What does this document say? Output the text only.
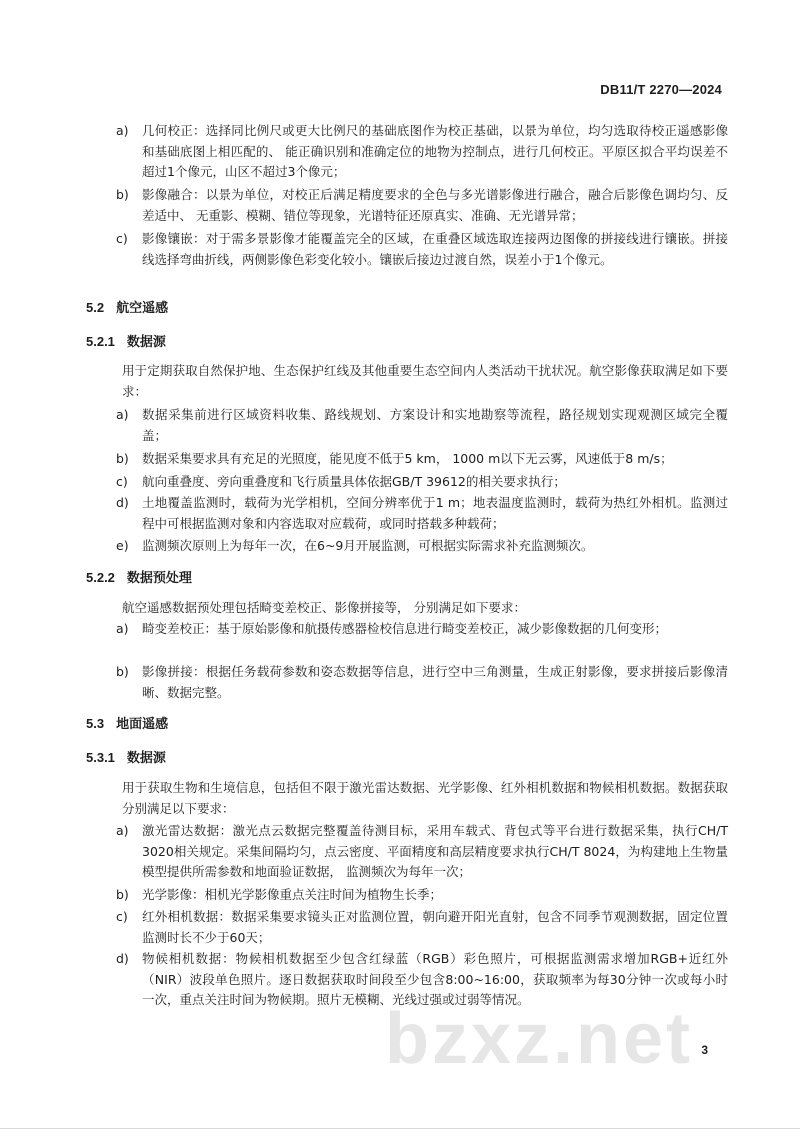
DB11/T 2270—2024
a) 几何校正：选择同比例尺或更大比例尺的基础底图作为校正基础，以景为单位，均匀选取待校正遥感影像和基础底图上相匹配的、 能正确识别和准确定位的地物为控制点，进行几何校正。平原区拟合平均误差不超过1个像元，山区不超过3个像元；
b) 影像融合：以景为单位，对校正后满足精度要求的全色与多光谱影像进行融合，融合后影像色调均匀、反差适中、 无重影、模糊、错位等现象，光谱特征还原真实、准确、无光谱异常；
c) 影像镶嵌：对于需多景影像才能覆盖完全的区域，在重叠区域选取连接两边图像的拼接线进行镶嵌。拼接线选择弯曲折线，两侧影像色彩变化较小。镶嵌后接边过渡自然，误差小于1个像元。
5.2 航空遥感
5.2.1 数据源
用于定期获取自然保护地、生态保护红线及其他重要生态空间内人类活动干扰状况。航空影像获取满足如下要求：
a) 数据采集前进行区域资料收集、路线规划、方案设计和实地勘察等流程，路径规划实现观测区域完全覆盖；
b) 数据采集要求具有充足的光照度，能见度不低于5 km， 1000 m以下无云雾，风速低于8 m/s；
c) 航向重叠度、旁向重叠度和飞行质量具体依据GB/T 39612的相关要求执行；
d) 土地覆盖监测时，载荷为光学相机，空间分辨率优于1 m；地表温度监测时，载荷为热红外相机。监测过程中可根据监测对象和内容选取对应载荷，或同时搭载多种载荷；
e) 监测频次原则上为每年一次，在6~9月开展监测，可根据实际需求补充监测频次。
5.2.2 数据预处理
航空遥感数据预处理包括畸变差校正、影像拼接等， 分别满足如下要求：
a) 畸变差校正：基于原始影像和航摄传感器检校信息进行畸变差校正，减少影像数据的几何变形；
b) 影像拼接：根据任务载荷参数和姿态数据等信息，进行空中三角测量，生成正射影像，要求拼接后影像清晰、数据完整。
5.3 地面遥感
5.3.1 数据源
用于获取生物和生境信息，包括但不限于激光雷达数据、光学影像、红外相机数据和物候相机数据。数据获取分别满足以下要求：
a) 激光雷达数据：激光点云数据完整覆盖待测目标，采用车载式、背包式等平台进行数据采集，执行CH/T 3020相关规定。采集间隔均匀，点云密度、平面精度和高层精度要求执行CH/T 8024，为构建地上生物量模型提供所需参数和地面验证数据， 监测频次为每年一次；
b) 光学影像：相机光学影像重点关注时间为植物生长季；
c) 红外相机数据：数据采集要求镜头正对监测位置，朝向避开阳光直射，包含不同季节观测数据，固定位置监测时长不少于60天；
d) 物候相机数据：物候相机数据至少包含红绿蓝（RGB）彩色照片，可根据监测需求增加RGB+近红外（NIR）波段单色照片。逐日数据获取时间段至少包含8:00~16:00，获取频率为每30分钟一次或每小时一次，重点关注时间为物候期。照片无模糊、光线过强或过弱等情况。
bzxz.net 3
